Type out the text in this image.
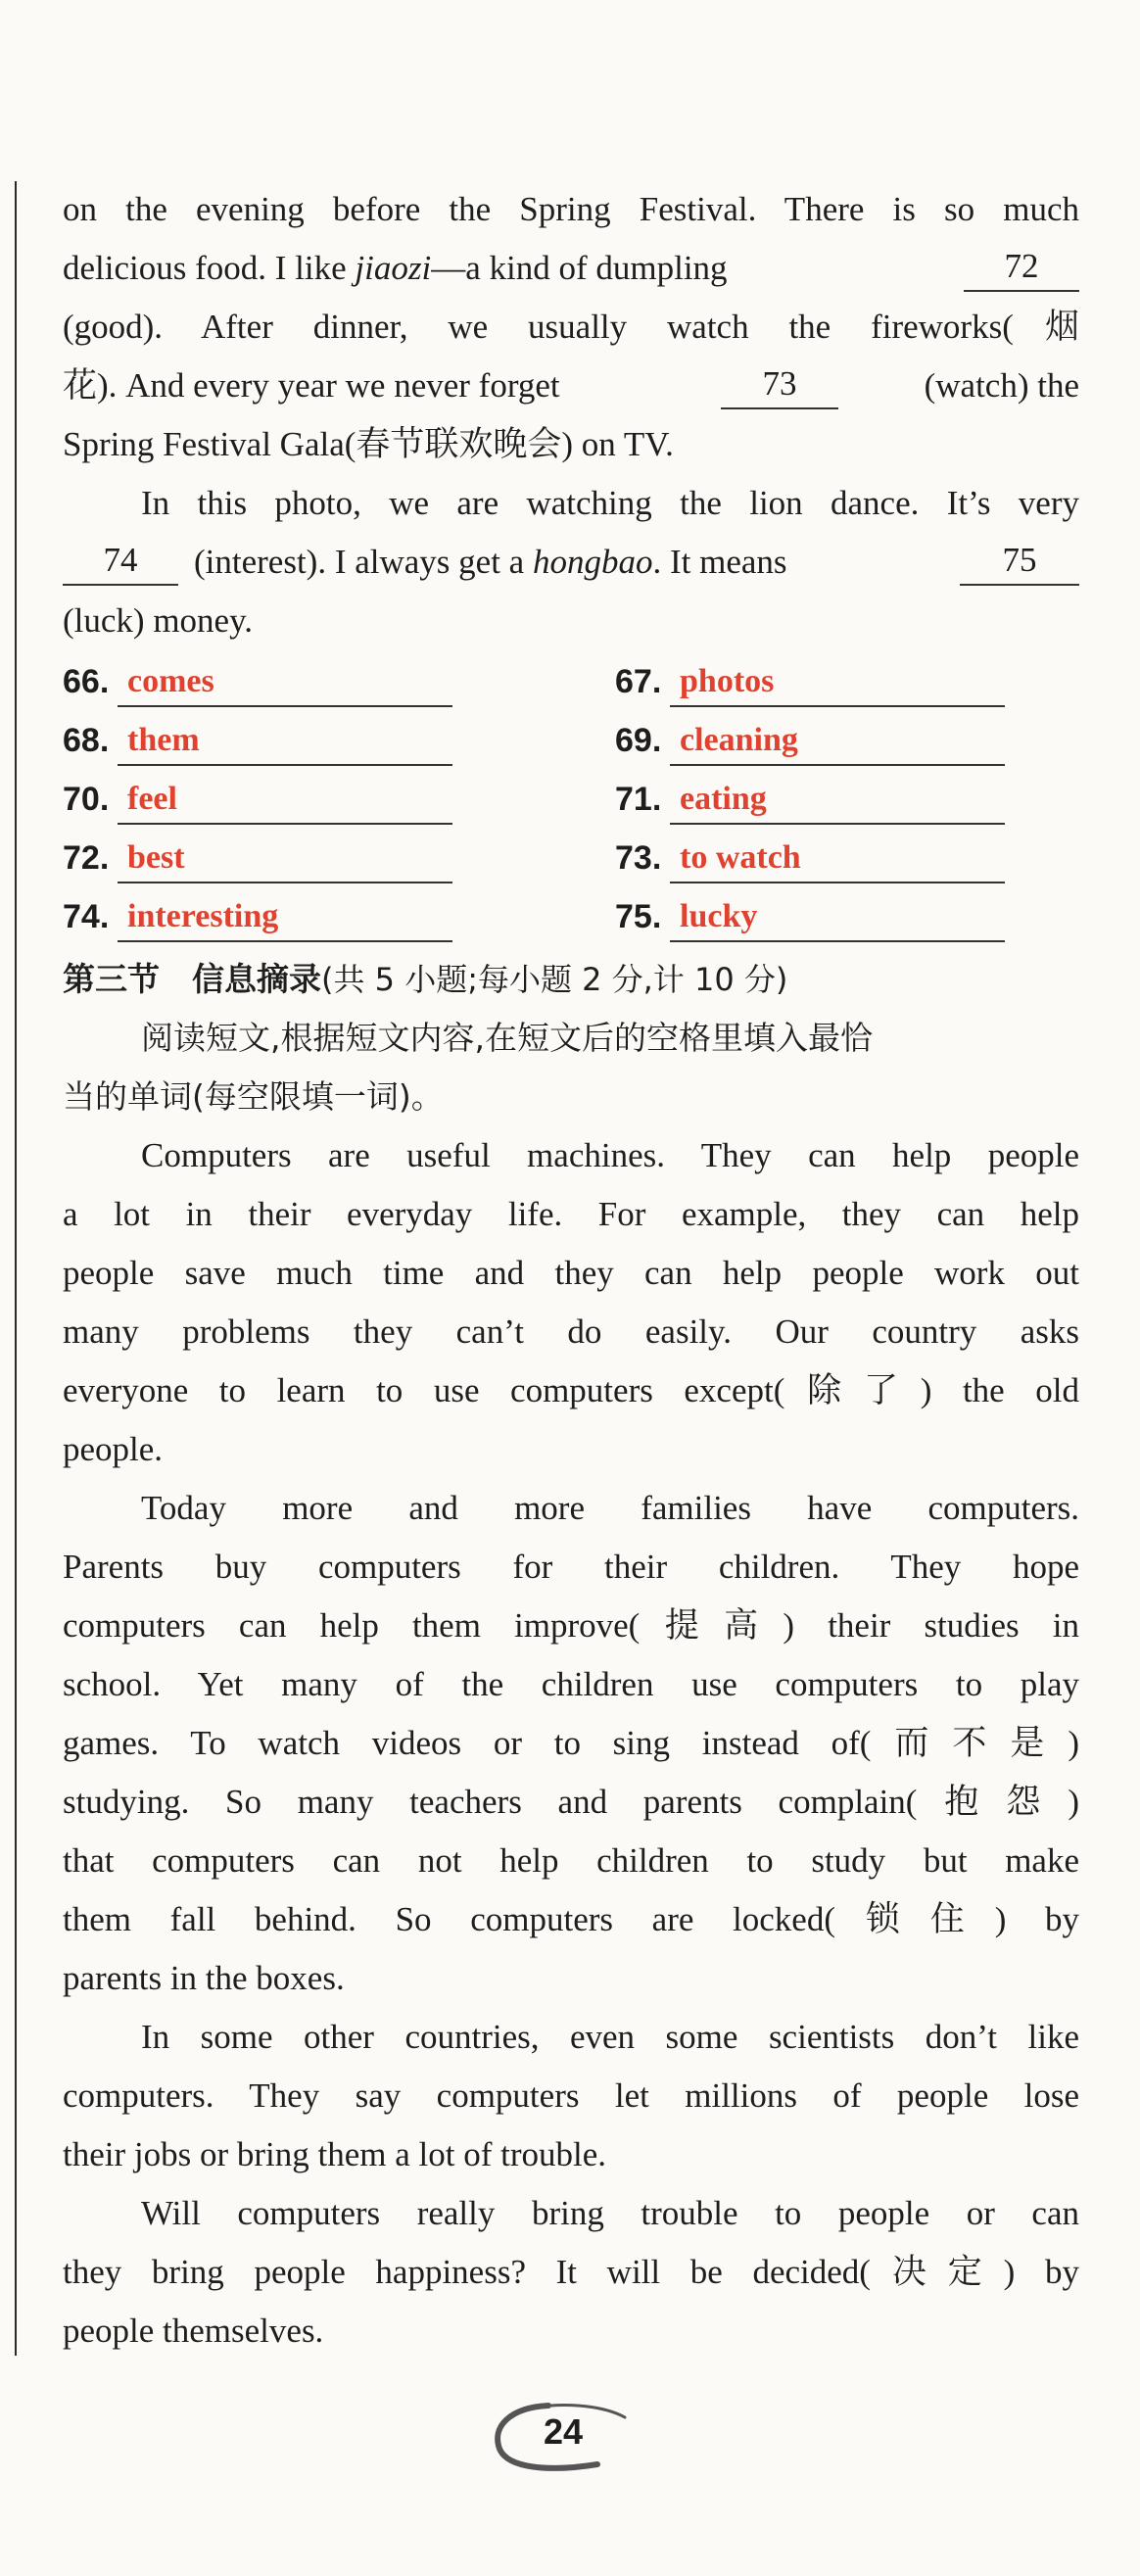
on the evening before the Spring Festival. There is so much
delicious food. I like jiaozi—a kind of dumpling	72
(good). After dinner, we usually watch the fireworks(烟
花). And every year we never forget	73	(watch) the
Spring Festival Gala(春节联欢晚会) on TV.
In this photo, we are watching the lion dance. It’s very
74	(interest). I always get a hongbao. It means	75
(luck) money.
66. comes	67. photos
68. them	69. cleaning
70. feel	71. eating
72. best	73. to watch
74. interesting	75. lucky
第三节　信息摘录(共 5 小题;每小题 2 分,计 10 分)
阅读短文,根据短文内容,在短文后的空格里填入最恰
当的单词(每空限填一词)。
Computers are useful machines. They can help people
a lot in their everyday life. For example, they can help
people save much time and they can help people work out
many problems they can’t do easily. Our country asks
everyone to learn to use computers except(除了) the old
people.
Today more and more families have computers.
Parents buy computers for their children. They hope
computers can help them improve(提高) their studies in
school. Yet many of the children use computers to play
games. To watch videos or to sing instead of(而不是)
studying. So many teachers and parents complain(抱怨)
that computers can not help children to study but make
them fall behind. So computers are locked(锁住) by
parents in the boxes.
In some other countries, even some scientists don’t like
computers. They say computers let millions of people lose
their jobs or bring them a lot of trouble.
Will computers really bring trouble to people or can
they bring people happiness? It will be decided(决定) by
people themselves.
24
